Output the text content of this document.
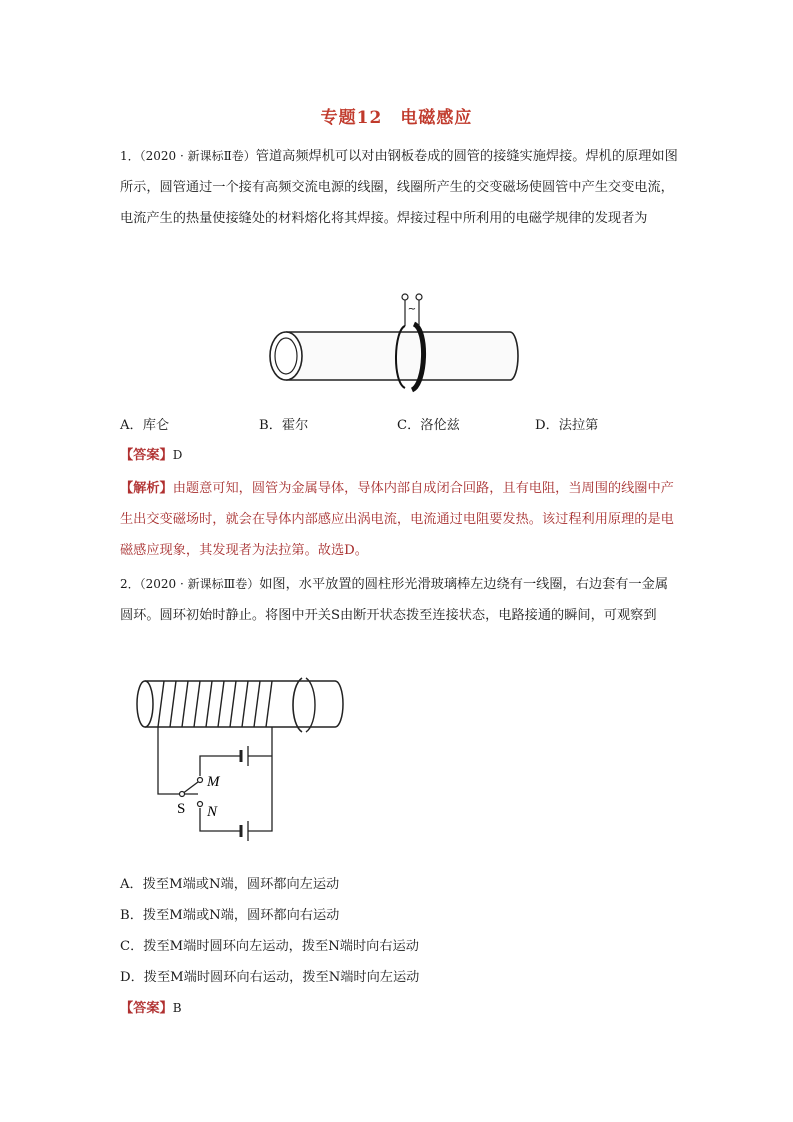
专题12　电磁感应
1．（2020 · 新课标Ⅱ卷）管道高频焊机可以对由钢板卷成的圆管的接缝实施焊接。焊机的原理如图所示，圆管通过一个接有高频交流电源的线圈，线圈所产生的交变磁场使圆管中产生交变电流，电流产生的热量使接缝处的材料熔化将其焊接。焊接过程中所利用的电磁学规律的发现者为
~
A．库仑	B．霍尔	C．洛伦兹	D．法拉第
【答案】D
【解析】由题意可知，圆管为金属导体，导体内部自成闭合回路，且有电阻，当周围的线圈中产生出交变磁场时，就会在导体内部感应出涡电流，电流通过电阻要发热。该过程利用原理的是电磁感应现象，其发现者为法拉第。故选D。
2．（2020 · 新课标Ⅲ卷）如图，水平放置的圆柱形光滑玻璃棒左边绕有一线圈，右边套有一金属圆环。圆环初始时静止。将图中开关S由断开状态拨至连接状态，电路接通的瞬间，可观察到
S
M
N
A．拨至M端或N端，圆环都向左运动
B．拨至M端或N端，圆环都向右运动
C．拨至M端时圆环向左运动，拨至N端时向右运动
D．拨至M端时圆环向右运动，拨至N端时向左运动
【答案】B
